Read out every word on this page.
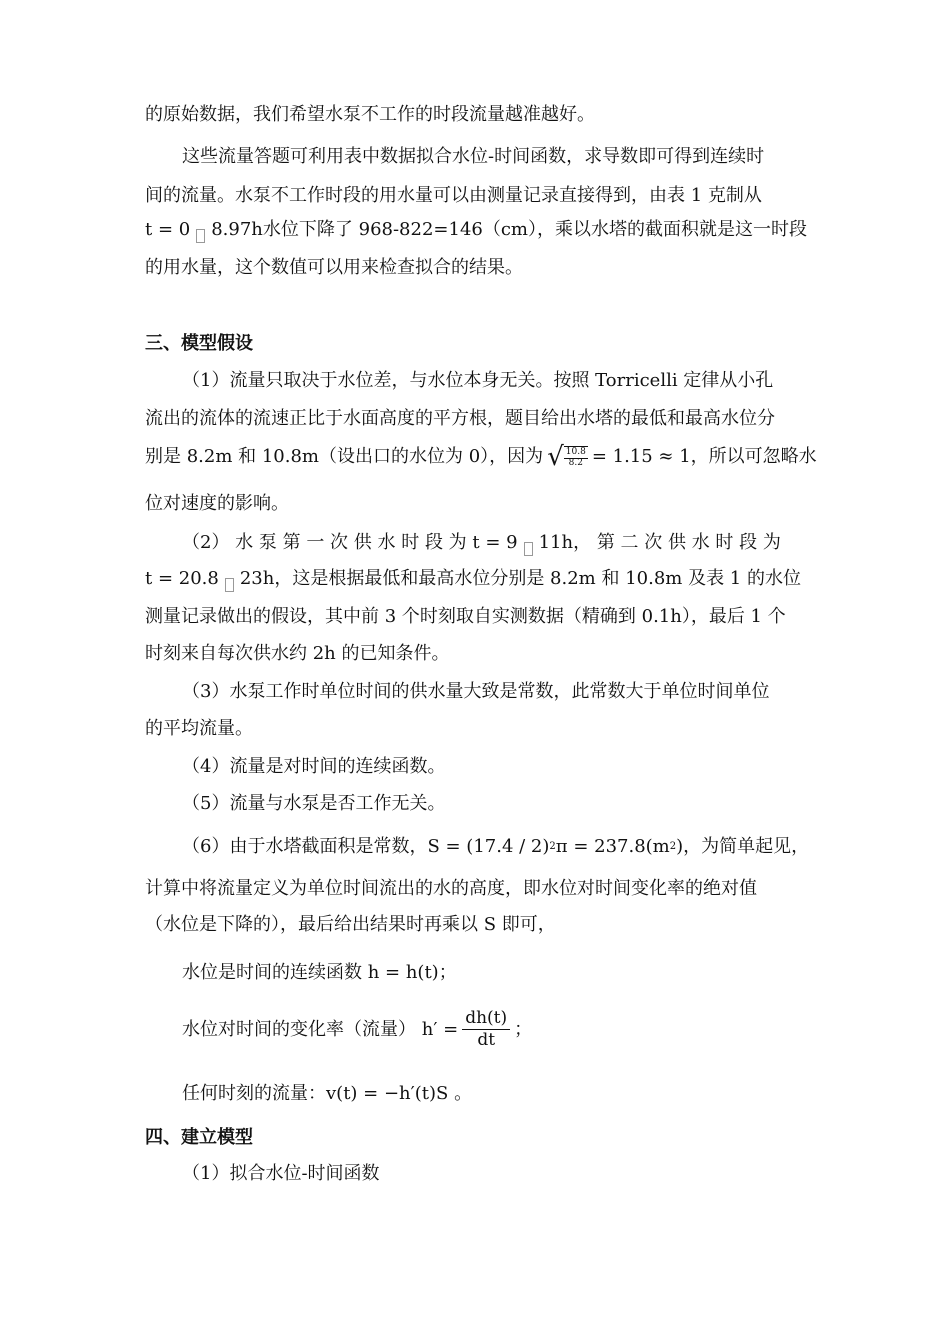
的原始数据，我们希望水泵不工作的时段流量越准越好。
这些流量答题可利用表中数据拟合水位-时间函数，求导数即可得到连续时
间的流量。水泵不工作时段的用水量可以由测量记录直接得到，由表 1 克制从
t = 0 8.97h水位下降了 968-822=146（cm），乘以水塔的截面积就是这一时段
的用水量，这个数值可以用来检查拟合的结果。
三、模型假设
（1）流量只取决于水位差，与水位本身无关。按照 Torricelli 定律从小孔
流出的流体的流速正比于水面高度的平方根，题目给出水塔的最低和最高水位分
别是 8.2m 和 10.8m（设出口的水位为 0），因为 √ $\frac{10.8}{8.2} = 1.15 \approx 1$，所以可忽略水
位对速度的影响。
（2） 水 泵 第 一 次 供 水 时 段 为 t = 9 11h， 第 二 次 供 水 时 段 为
t = 20.8 23h，这是根据最低和最高水位分别是 8.2m 和 10.8m 及表 1 的水位
测量记录做出的假设，其中前 3 个时刻取自实测数据（精确到 0.1h），最后 1 个
时刻来自每次供水约 2h 的已知条件。
（3）水泵工作时单位时间的供水量大致是常数，此常数大于单位时间单位
的平均流量。
（4）流量是对时间的连续函数。
（5）流量与水泵是否工作无关。
（6）由于水塔截面积是常数，$S = (17.4 / 2)^2\pi = 237.8(m^2)$，为简单起见，
计算中将流量定义为单位时间流出的水的高度，即水位对时间变化率的绝对值
（水位是下降的），最后给出结果时再乘以 S 即可，
水位是时间的连续函数 h = h(t)；
水位对时间的变化率（流量） $h' = \frac{dh(t)}{dt}$ ；
任何时刻的流量：v(t) = −h′(t)S 。
四、建立模型
（1）拟合水位-时间函数
